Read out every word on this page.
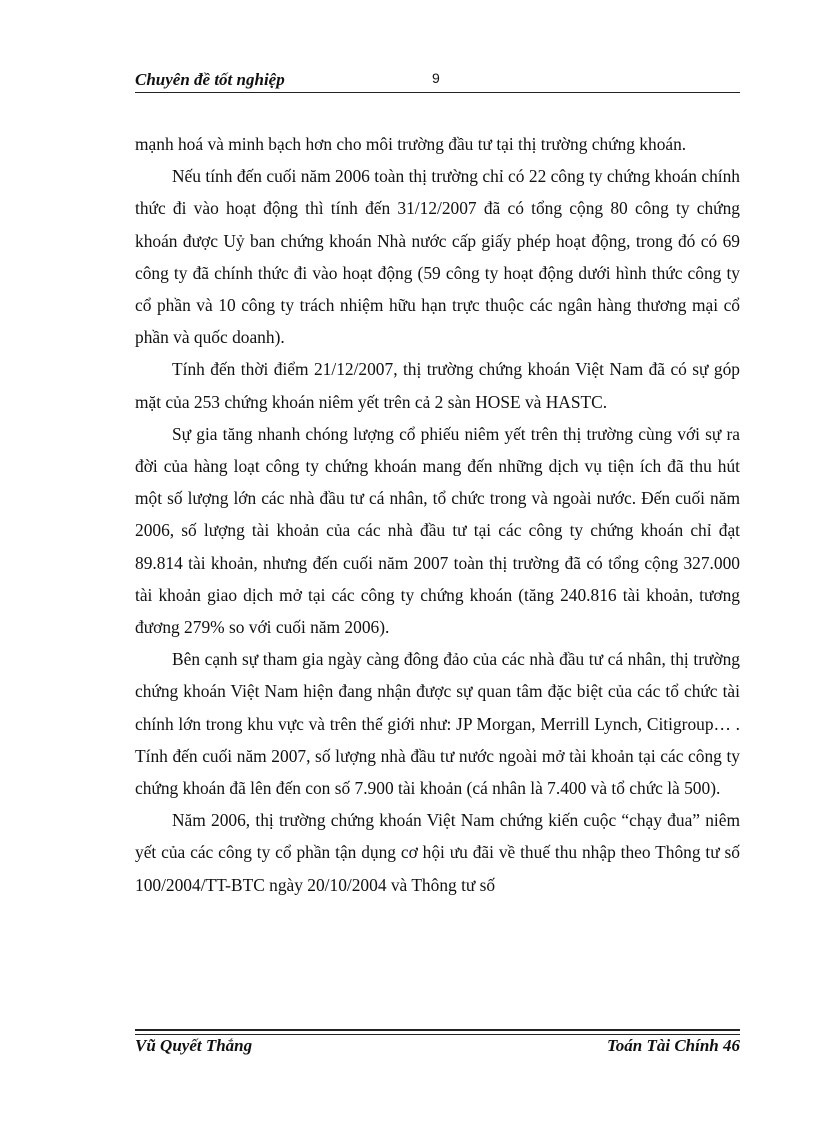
Chuyên đề tốt nghiệp	9

mạnh hoá và minh bạch hơn cho môi trường đầu tư tại thị trường chứng khoán.

Nếu tính đến cuối năm 2006 toàn thị trường chỉ có 22 công ty chứng khoán chính thức đi vào hoạt động thì tính đến 31/12/2007 đã có tổng cộng 80 công ty chứng khoán được Uỷ ban chứng khoán Nhà nước cấp giấy phép hoạt động, trong đó có 69 công ty đã chính thức đi vào hoạt động (59 công ty hoạt động dưới hình thức công ty cổ phần và 10 công ty trách nhiệm hữu hạn trực thuộc các ngân hàng thương mại cổ phần và quốc doanh).

Tính đến thời điểm 21/12/2007, thị trường chứng khoán Việt Nam đã có sự góp mặt của 253 chứng khoán niêm yết trên cả 2 sàn HOSE và HASTC.

Sự gia tăng nhanh chóng lượng cổ phiếu niêm yết trên thị trường cùng với sự ra đời của hàng loạt công ty chứng khoán mang đến những dịch vụ tiện ích đã thu hút một số lượng lớn các nhà đầu tư cá nhân, tổ chức trong và ngoài nước. Đến cuối năm 2006, số lượng tài khoản của các nhà đầu tư tại các công ty chứng khoán chỉ đạt 89.814 tài khoản, nhưng đến cuối năm 2007 toàn thị trường đã có tổng cộng 327.000 tài khoản giao dịch mở tại các công ty chứng khoán (tăng 240.816 tài khoản, tương đương 279% so với cuối năm 2006).

Bên cạnh sự tham gia ngày càng đông đảo của các nhà đầu tư cá nhân, thị trường chứng khoán Việt Nam hiện đang nhận được sự quan tâm đặc biệt của các tổ chức tài chính lớn trong khu vực và trên thế giới như: JP Morgan, Merrill Lynch, Citigroup… . Tính đến cuối năm 2007, số lượng nhà đầu tư nước ngoài mở tài khoản tại các công ty chứng khoán đã lên đến con số 7.900 tài khoản (cá nhân là 7.400 và tổ chức là 500).

Năm 2006, thị trường chứng khoán Việt Nam chứng kiến cuộc “chạy đua” niêm yết của các công ty cổ phần tận dụng cơ hội ưu đãi về thuế thu nhập theo Thông tư số 100/2004/TT-BTC ngày 20/10/2004 và Thông tư số

Vũ Quyết Thắng	Toán Tài Chính 46
